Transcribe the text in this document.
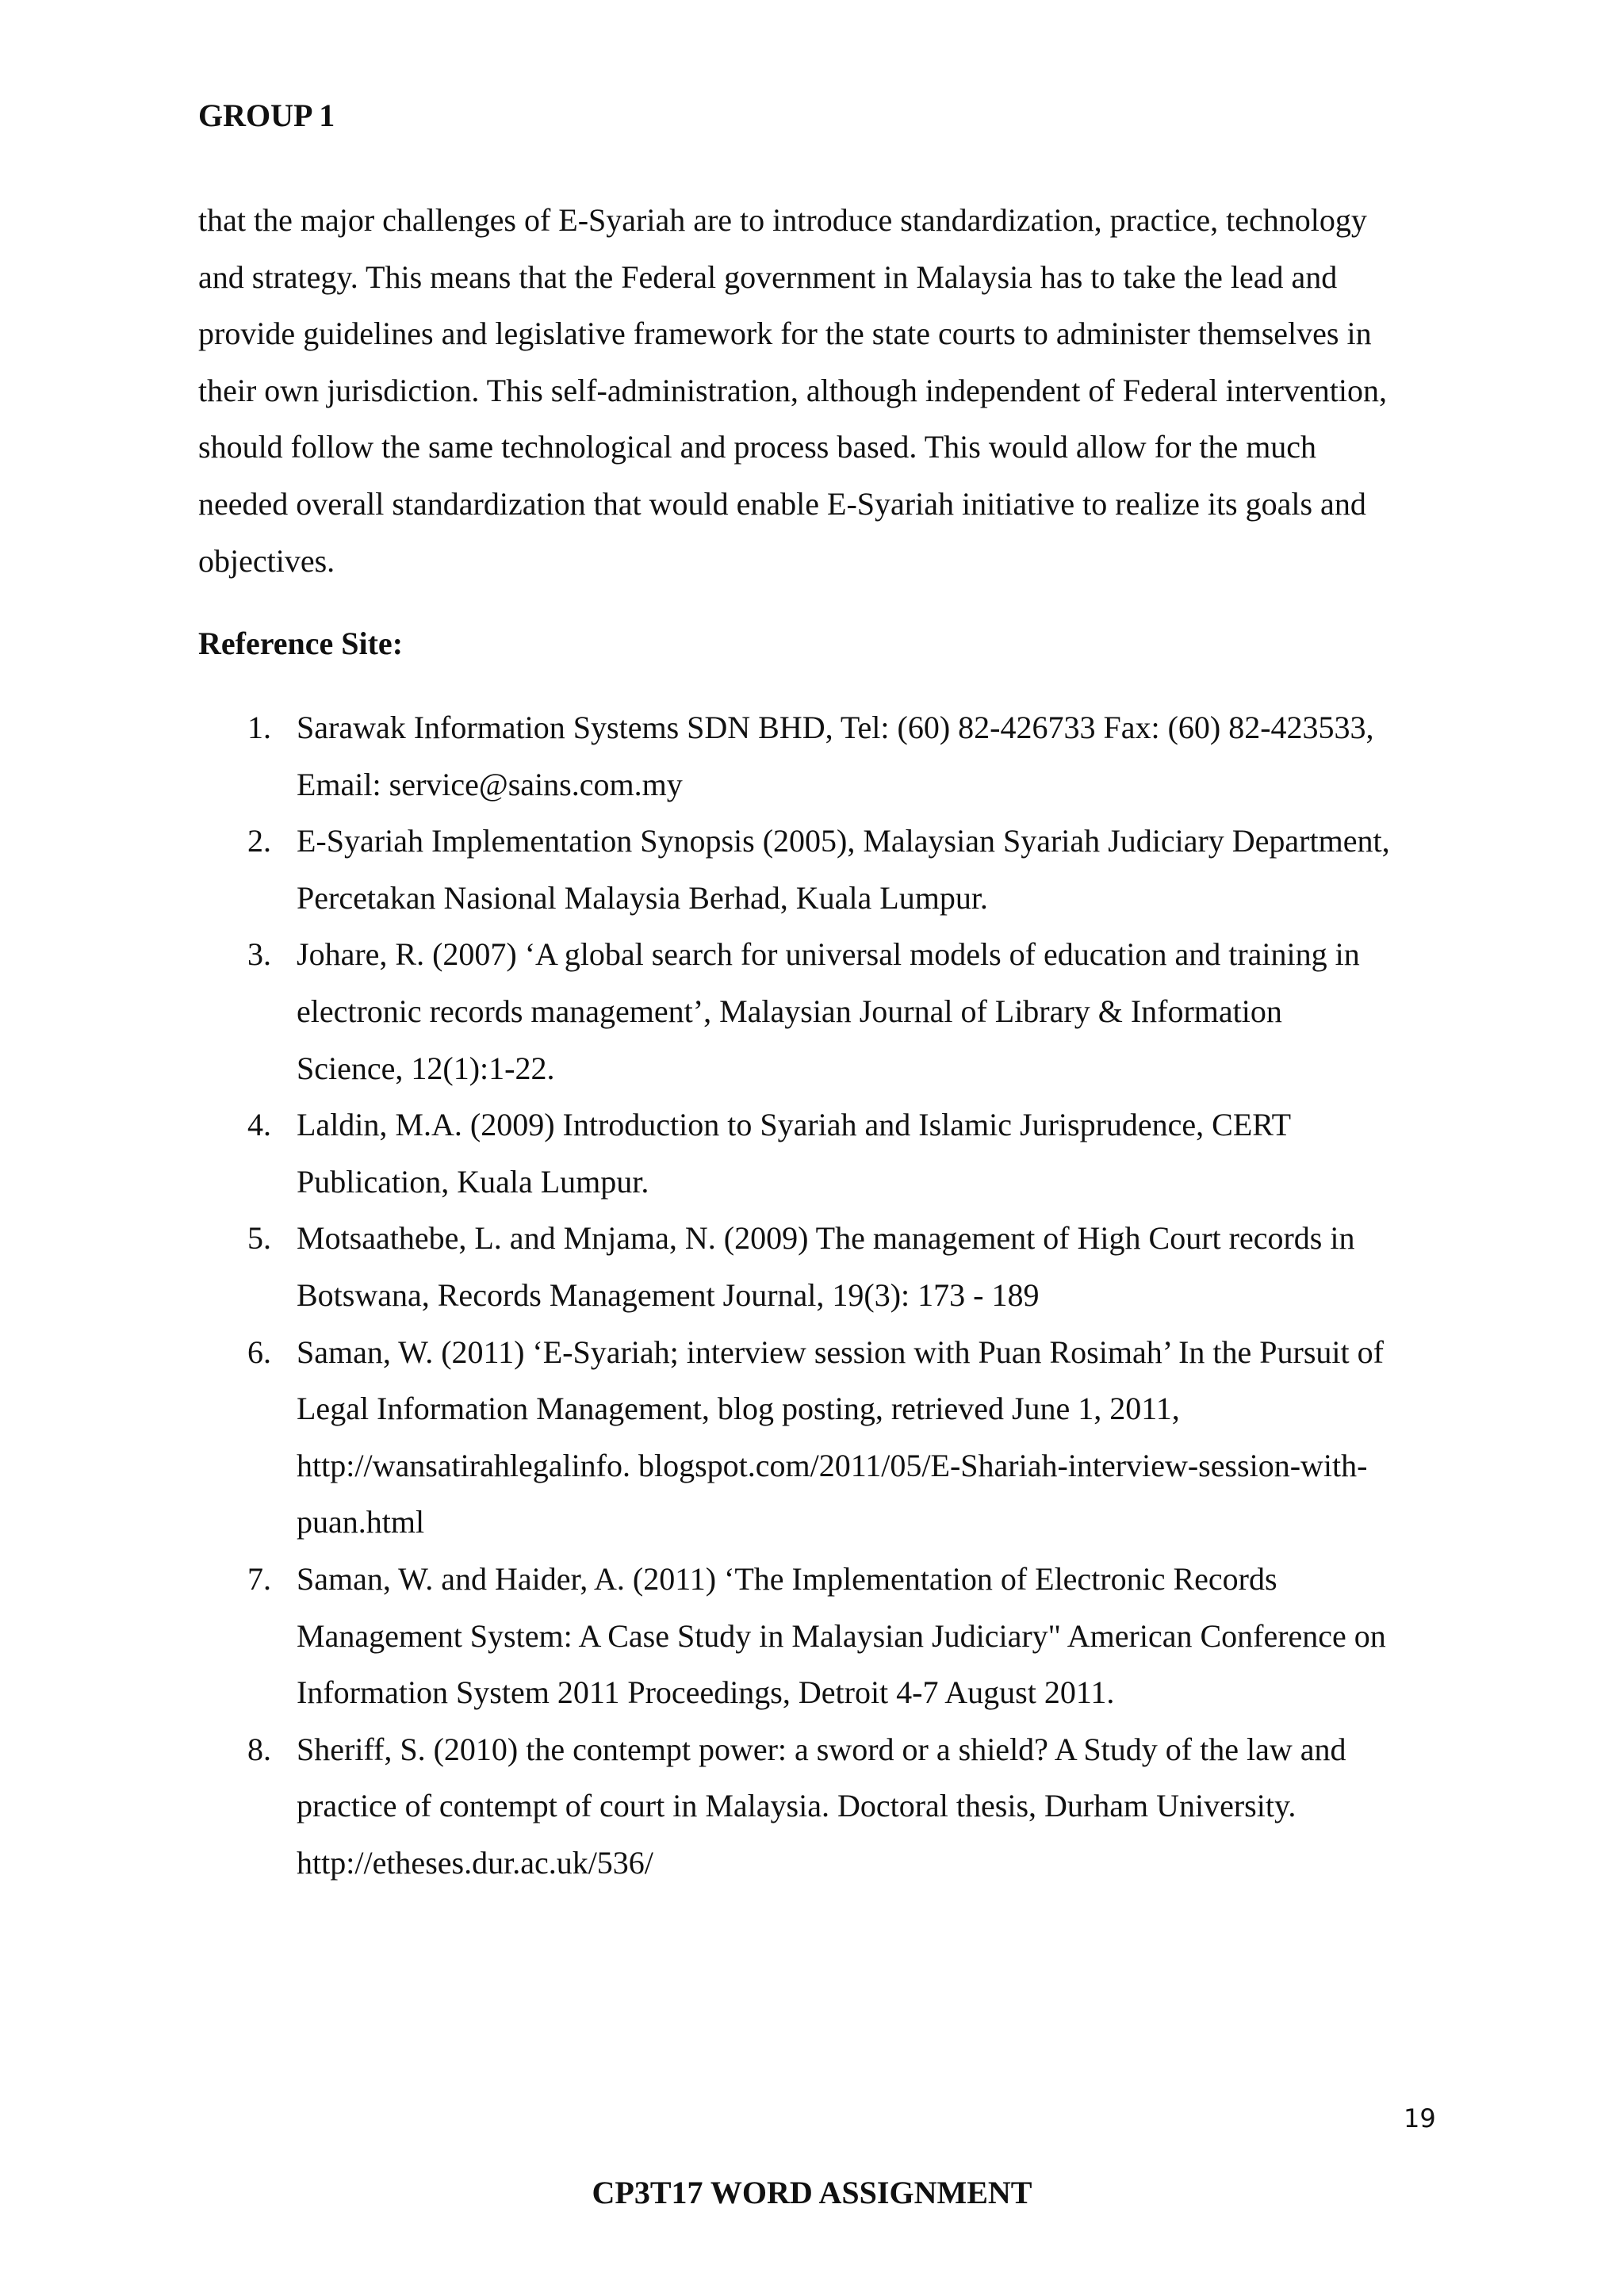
GROUP 1
that the major challenges of E-Syariah are to introduce standardization, practice, technology
and strategy. This means that the Federal government in Malaysia has to take the lead and
provide guidelines and legislative framework for the state courts to administer themselves in
their own jurisdiction. This self-administration, although independent of Federal intervention,
should follow the same technological and process based. This would allow for the much
needed overall standardization that would enable E-Syariah initiative to realize its goals and
objectives.
Reference Site:
1. Sarawak Information Systems SDN BHD, Tel: (60) 82-426733 Fax: (60) 82-423533,
Email: service@sains.com.my
2. E-Syariah Implementation Synopsis (2005), Malaysian Syariah Judiciary Department,
Percetakan Nasional Malaysia Berhad, Kuala Lumpur.
3. Johare, R. (2007) ‘A global search for universal models of education and training in
electronic records management’, Malaysian Journal of Library & Information
Science, 12(1):1-22.
4. Laldin, M.A. (2009) Introduction to Syariah and Islamic Jurisprudence, CERT
Publication, Kuala Lumpur.
5. Motsaathebe, L. and Mnjama, N. (2009) The management of High Court records in
Botswana, Records Management Journal, 19(3): 173 - 189
6. Saman, W. (2011) ‘E-Syariah; interview session with Puan Rosimah’ In the Pursuit of
Legal Information Management, blog posting, retrieved June 1, 2011,
http://wansatirahlegalinfo. blogspot.com/2011/05/E-Shariah-interview-session-with-
puan.html
7. Saman, W. and Haider, A. (2011) ‘The Implementation of Electronic Records
Management System: A Case Study in Malaysian Judiciary" American Conference on
Information System 2011 Proceedings, Detroit 4-7 August 2011.
8. Sheriff, S. (2010) the contempt power: a sword or a shield? A Study of the law and
practice of contempt of court in Malaysia. Doctoral thesis, Durham University.
http://etheses.dur.ac.uk/536/
19
CP3T17 WORD ASSIGNMENT
